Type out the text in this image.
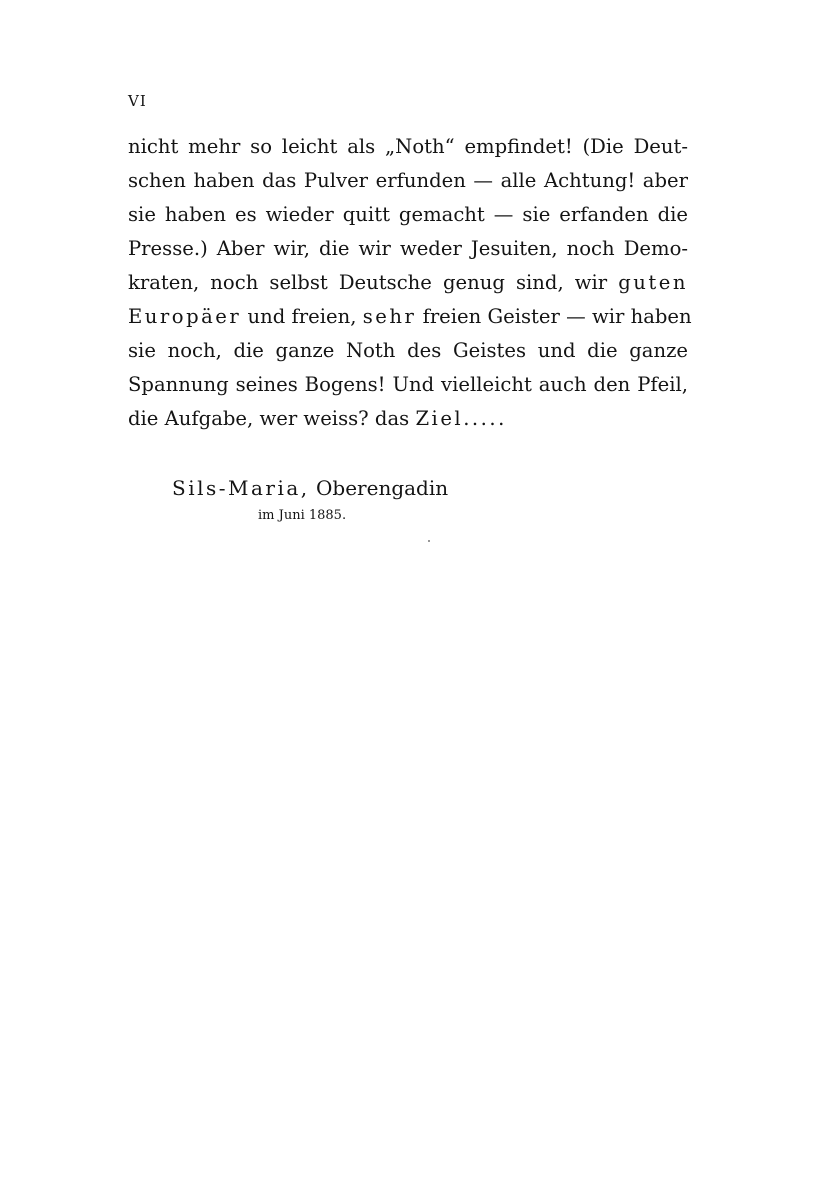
VI
nicht mehr so leicht als „Noth“ empfindet! (Die Deut-
schen haben das Pulver erfunden — alle Achtung! aber
sie haben es wieder quitt gemacht — sie erfanden die
Presse.) Aber wir, die wir weder Jesuiten, noch Demo-
kraten, noch selbst Deutsche genug sind, wir guten
Europäer und freien, sehr freien Geister — wir haben
sie noch, die ganze Noth des Geistes und die ganze
Spannung seines Bogens! Und vielleicht auch den Pfeil,
die Aufgabe, wer weiss? das Ziel.....
Sils-Maria, Oberengadin
im Juni 1885.
